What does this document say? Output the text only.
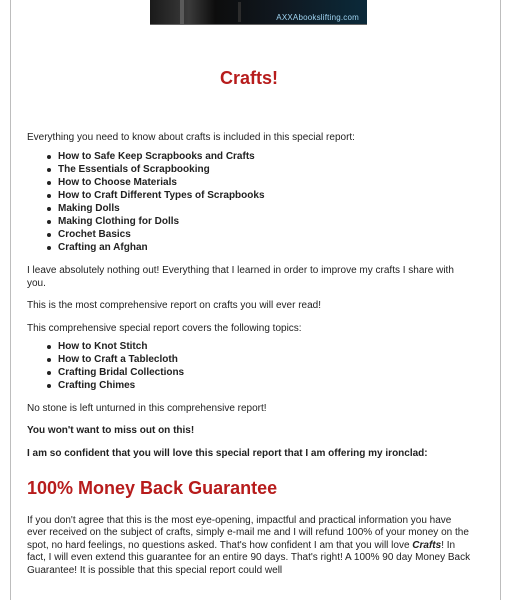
AXXAbookslifting.com
Crafts!

Everything you need to know about crafts is included in this special report:

How to Safe Keep Scrapbooks and Crafts
The Essentials of Scrapbooking
How to Choose Materials
How to Craft Different Types of Scrapbooks
Making Dolls
Making Clothing for Dolls
Crochet Basics
Crafting an Afghan

I leave absolutely nothing out! Everything that I learned in order to improve my crafts I share with you.

This is the most comprehensive report on crafts you will ever read!

This comprehensive special report covers the following topics:

How to Knot Stitch
How to Craft a Tablecloth
Crafting Bridal Collections
Crafting Chimes

No stone is left unturned in this comprehensive report!

You won't want to miss out on this!

I am so confident that you will love this special report that I am offering my ironclad:

100% Money Back Guarantee

If you don't agree that this is the most eye-opening, impactful and practical information you have ever received on the subject of crafts, simply e-mail me and I will refund 100% of your money on the spot, no hard feelings, no questions asked. That's how confident I am that you will love Crafts! In fact, I will even extend this guarantee for an entire 90 days. That's right! A 100% 90 day Money Back Guarantee! It is possible that this special report could well
